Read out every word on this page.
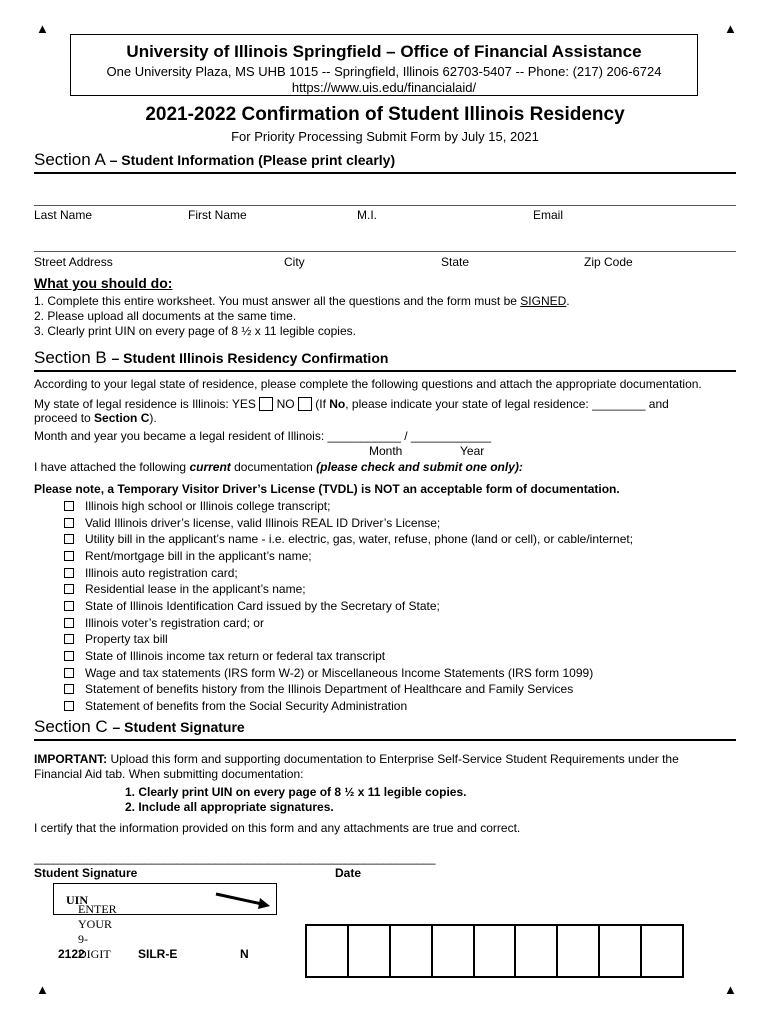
▲	▲
▲	▲
University of Illinois Springfield – Office of Financial Assistance
One University Plaza, MS UHB 1015 -- Springfield, Illinois 62703-5407 -- Phone: (217) 206-6724
https://www.uis.edu/financialaid/
2021-2022 Confirmation of Student Illinois Residency
For Priority Processing Submit Form by July 15, 2021
Section A – Student Information (Please print clearly)
Last Name	First Name	M.I.	Email
Street Address	City	State	Zip Code
What you should do:
1. Complete this entire worksheet. You must answer all the questions and the form must be SIGNED.
2. Please upload all documents at the same time.
3. Clearly print UIN on every page of 8 ½ x 11 legible copies.
Section B – Student Illinois Residency Confirmation
According to your legal state of residence, please complete the following questions and attach the appropriate documentation.
My state of legal residence is Illinois: YES NO (If No, please indicate your state of legal residence: ________ and
proceed to Section C).
Month and year you became a legal resident of Illinois: ___________ / ____________
Month	Year
I have attached the following current documentation (please check and submit one only):
Please note, a Temporary Visitor Driver’s License (TVDL) is NOT an acceptable form of documentation.
Illinois high school or Illinois college transcript;
Valid Illinois driver’s license, valid Illinois REAL ID Driver’s License;
Utility bill in the applicant’s name - i.e. electric, gas, water, refuse, phone (land or cell), or cable/internet;
Rent/mortgage bill in the applicant’s name;
Illinois auto registration card;
Residential lease in the applicant’s name;
State of Illinois Identification Card issued by the Secretary of State;
Illinois voter’s registration card; or
Property tax bill
State of Illinois income tax return or federal tax transcript
Wage and tax statements (IRS form W-2) or Miscellaneous Income Statements (IRS form 1099)
Statement of benefits history from the Illinois Department of Healthcare and Family Services
Statement of benefits from the Social Security Administration
Section C – Student Signature
IMPORTANT: Upload this form and supporting documentation to Enterprise Self-Service Student Requirements under the
Financial Aid tab. When submitting documentation:
1. Clearly print UIN on every page of 8 ½ x 11 legible copies.
2. Include all appropriate signatures.
I certify that the information provided on this form and any attachments are true and correct.
______________________________________________________________
Student Signature	Date
ENTER YOUR 9-DIGIT
UIN
2122	SILR-E	N
